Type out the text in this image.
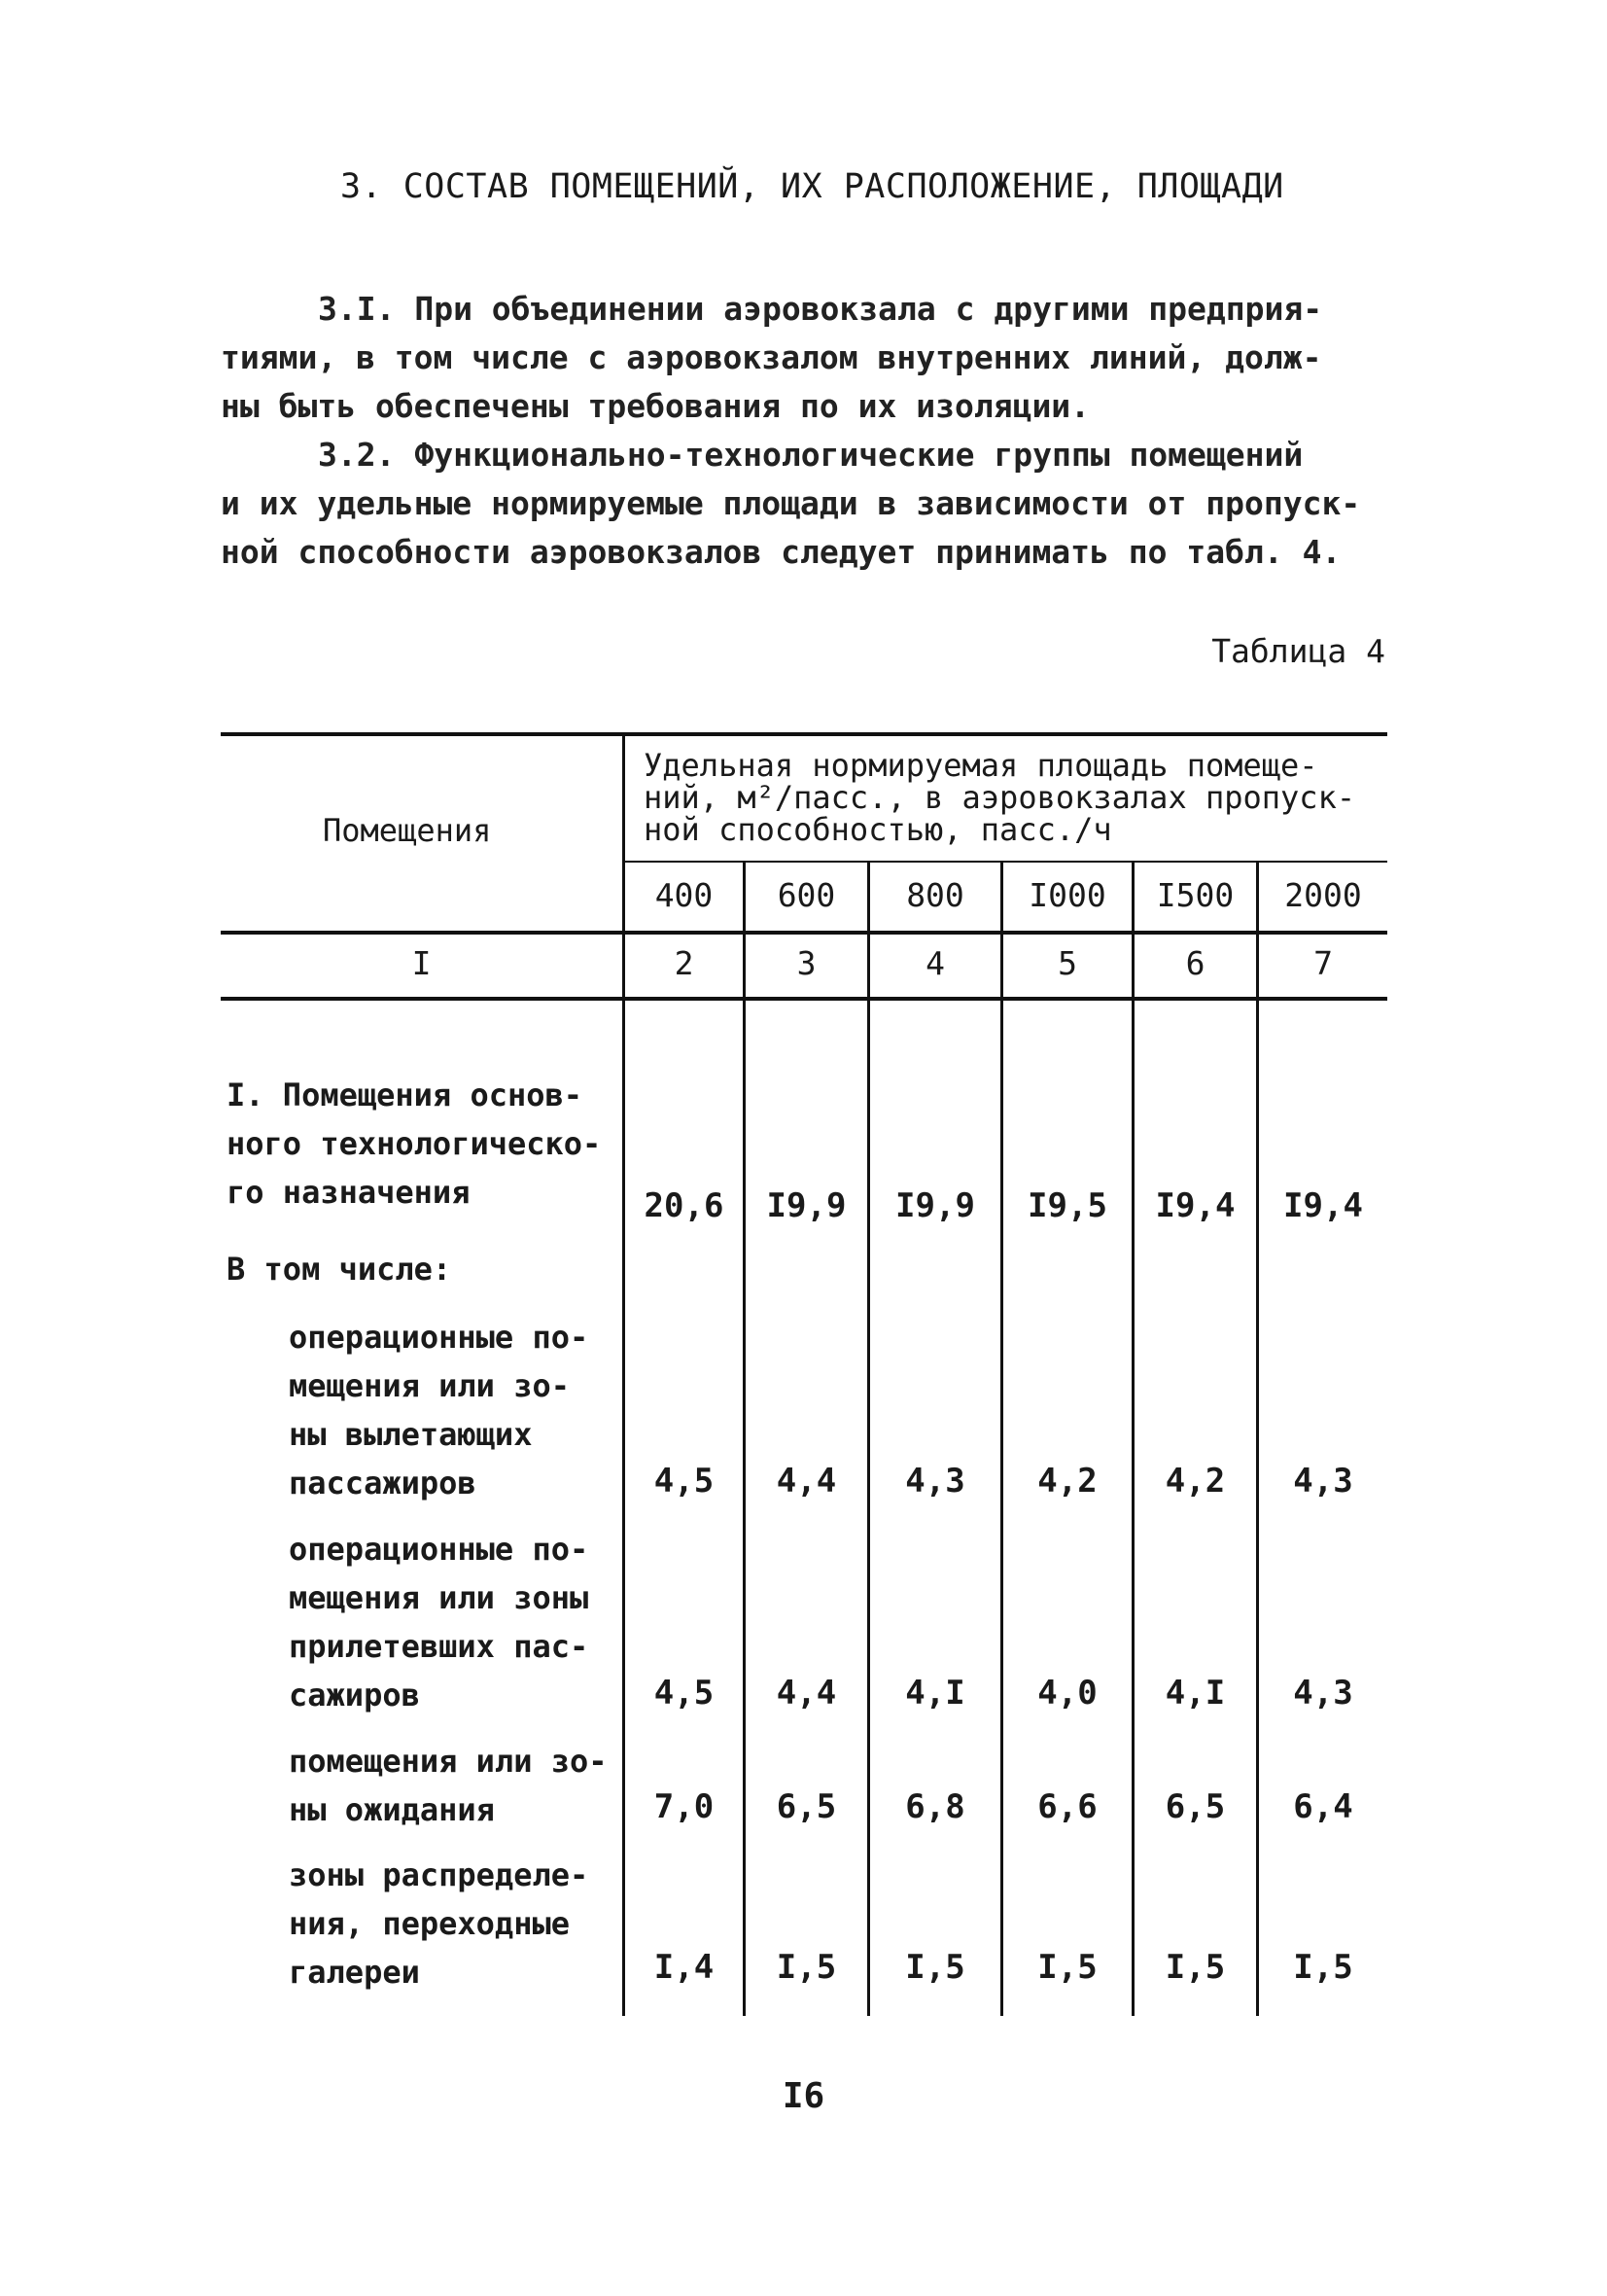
3. СОСТАВ ПОМЕЩЕНИЙ, ИХ РАСПОЛОЖЕНИЕ, ПЛОЩАДИ
3.I. При объединении аэровокзала с другими предприя-
тиями, в том числе с аэровокзалом внутренних линий, долж-
ны быть обеспечены требования по их изоляции.
3.2. Функционально-технологические группы помещений
и их удельные нормируемые площади в зависимости от пропуск-
ной способности аэровокзалов следует принимать по табл. 4.
Таблица 4
Помещения
Удельная нормируемая площадь помеще-
ний, м²/пасс., в аэровокзалах пропуск-
ной способностью, пасс./ч
400	600	800	I000	I500	2000
I	2	3	4	5	6	7
I. Помещения основ-
ного технологическо-
го назначения	20,6	I9,9	I9,9	I9,5	I9,4	I9,4
В том числе:
операционные по-
мещения или зо-
ны вылетающих
пассажиров	4,5	4,4	4,3	4,2	4,2	4,3
операционные по-
мещения или зоны
прилетевших пас-
сажиров	4,5	4,4	4,I	4,0	4,I	4,3
помещения или зо-
ны ожидания	7,0	6,5	6,8	6,6	6,5	6,4
зоны распределе-
ния, переходные
галереи	I,4	I,5	I,5	I,5	I,5	I,5
I6
